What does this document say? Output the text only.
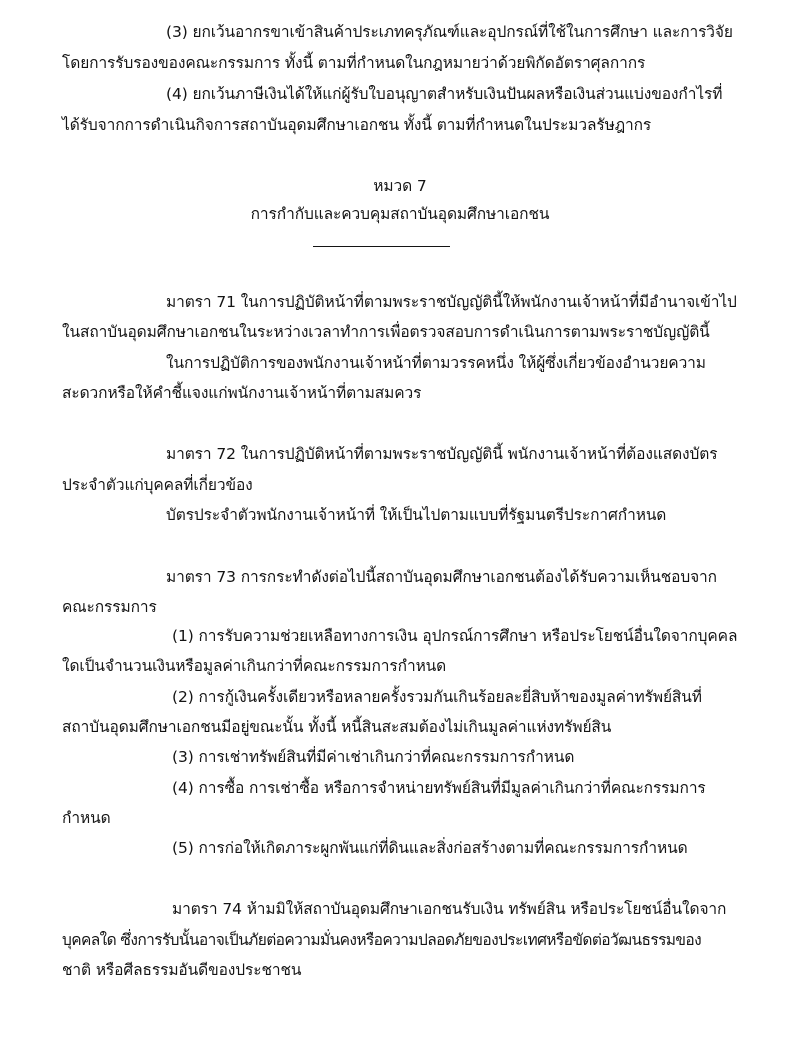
(3) ยกเว้นอากรขาเข้าสินค้าประเภทครุภัณฑ์และอุปกรณ์ที่ใช้ในการศึกษา และการวิจัย
โดยการรับรองของคณะกรรมการ ทั้งนี้ ตามที่กำหนดในกฎหมายว่าด้วยพิกัดอัตราศุลกากร
(4) ยกเว้นภาษีเงินได้ให้แก่ผู้รับใบอนุญาตสำหรับเงินปันผลหรือเงินส่วนแบ่งของกำไรที่
ได้รับจากการดำเนินกิจการสถาบันอุดมศึกษาเอกชน ทั้งนี้ ตามที่กำหนดในประมวลรัษฎากร
หมวด 7
การกำกับและควบคุมสถาบันอุดมศึกษาเอกชน
มาตรา 71 ในการปฏิบัติหน้าที่ตามพระราชบัญญัตินี้ให้พนักงานเจ้าหน้าที่มีอำนาจเข้าไป
ในสถาบันอุดมศึกษาเอกชนในระหว่างเวลาทำการเพื่อตรวจสอบการดำเนินการตามพระราชบัญญัตินี้
ในการปฏิบัติการของพนักงานเจ้าหน้าที่ตามวรรคหนึ่ง ให้ผู้ซึ่งเกี่ยวข้องอำนวยความ
สะดวกหรือให้คำชี้แจงแก่พนักงานเจ้าหน้าที่ตามสมควร
มาตรา 72 ในการปฏิบัติหน้าที่ตามพระราชบัญญัตินี้ พนักงานเจ้าหน้าที่ต้องแสดงบัตร
ประจำตัวแก่บุคคลที่เกี่ยวข้อง
บัตรประจำตัวพนักงานเจ้าหน้าที่ ให้เป็นไปตามแบบที่รัฐมนตรีประกาศกำหนด
มาตรา 73 การกระทำดังต่อไปนี้สถาบันอุดมศึกษาเอกชนต้องได้รับความเห็นชอบจาก
คณะกรรมการ
(1) การรับความช่วยเหลือทางการเงิน อุปกรณ์การศึกษา หรือประโยชน์อื่นใดจากบุคคล
ใดเป็นจำนวนเงินหรือมูลค่าเกินกว่าที่คณะกรรมการกำหนด
(2) การกู้เงินครั้งเดียวหรือหลายครั้งรวมกันเกินร้อยละยี่สิบห้าของมูลค่าทรัพย์สินที่
สถาบันอุดมศึกษาเอกชนมีอยู่ขณะนั้น ทั้งนี้ หนี้สินสะสมต้องไม่เกินมูลค่าแห่งทรัพย์สิน
(3) การเช่าทรัพย์สินที่มีค่าเช่าเกินกว่าที่คณะกรรมการกำหนด
(4) การซื้อ การเช่าซื้อ หรือการจำหน่ายทรัพย์สินที่มีมูลค่าเกินกว่าที่คณะกรรมการ
กำหนด
(5) การก่อให้เกิดภาระผูกพันแก่ที่ดินและสิ่งก่อสร้างตามที่คณะกรรมการกำหนด
มาตรา 74 ห้ามมิให้สถาบันอุดมศึกษาเอกชนรับเงิน ทรัพย์สิน หรือประโยชน์อื่นใดจาก
บุคคลใด ซึ่งการรับนั้นอาจเป็นภัยต่อความมั่นคงหรือความปลอดภัยของประเทศหรือขัดต่อวัฒนธรรมของ
ชาติ หรือศีลธรรมอันดีของประชาชน
